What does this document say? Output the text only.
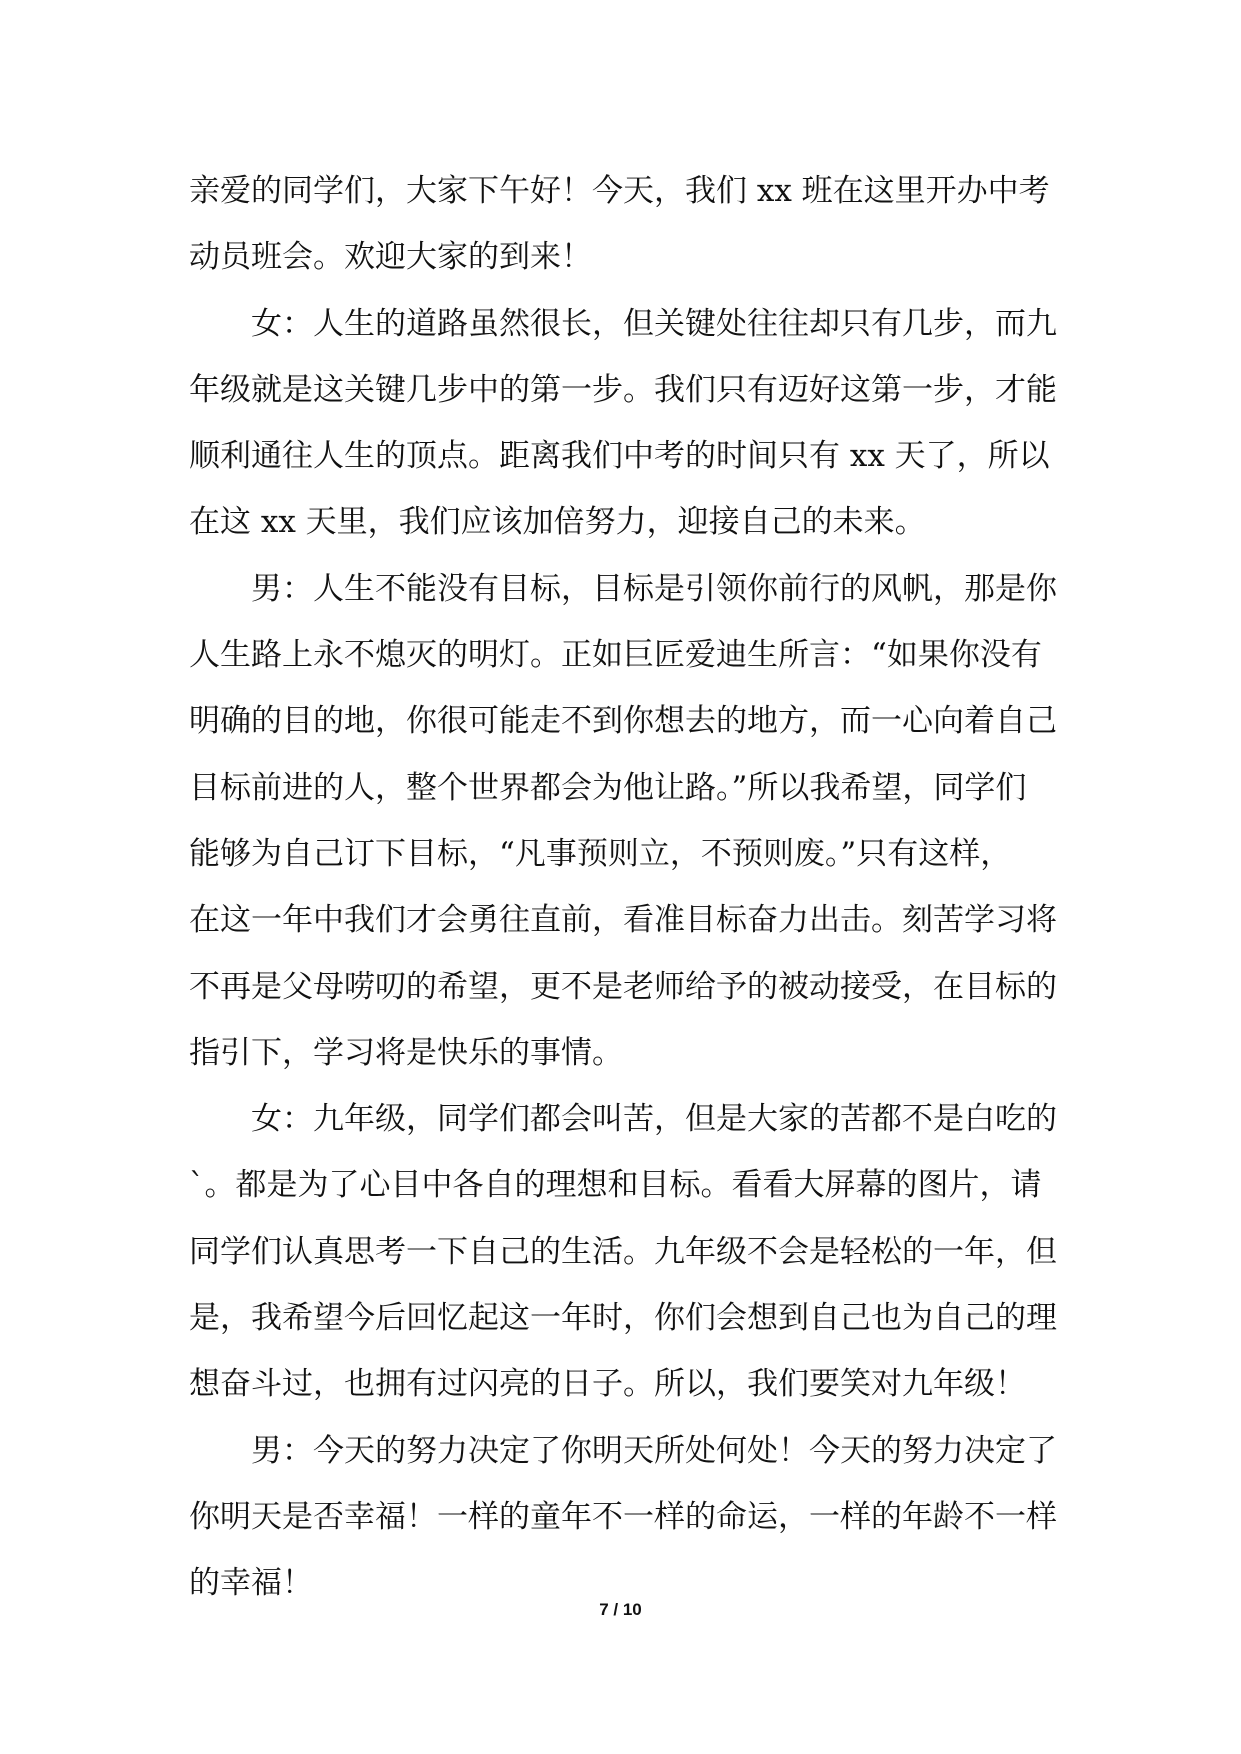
亲爱的同学们，大家下午好！今天，我们 xx 班在这里开办中考
动员班会。欢迎大家的到来！

女：人生的道路虽然很长，但关键处往往却只有几步，而九
年级就是这关键几步中的第一步。我们只有迈好这第一步，才能
顺利通往人生的顶点。距离我们中考的时间只有 xx 天了，所以
在这 xx 天里，我们应该加倍努力，迎接自己的未来。

男：人生不能没有目标，目标是引领你前行的风帆，那是你
人生路上永不熄灭的明灯。正如巨匠爱迪生所言：“如果你没有
明确的目的地，你很可能走不到你想去的地方，而一心向着自己
目标前进的人，整个世界都会为他让路。”所以我希望，同学们
能够为自己订下目标，“凡事预则立，不预则废。”只有这样，
在这一年中我们才会勇往直前，看准目标奋力出击。刻苦学习将
不再是父母唠叨的希望，更不是老师给予的被动接受，在目标的
指引下，学习将是快乐的事情。

女：九年级，同学们都会叫苦，但是大家的苦都不是白吃的
`。都是为了心目中各自的理想和目标。看看大屏幕的图片，请
同学们认真思考一下自己的生活。九年级不会是轻松的一年，但
是，我希望今后回忆起这一年时，你们会想到自己也为自己的理
想奋斗过，也拥有过闪亮的日子。所以，我们要笑对九年级！

男：今天的努力决定了你明天所处何处！今天的努力决定了
你明天是否幸福！一样的童年不一样的命运，一样的年龄不一样
的幸福！

7 / 10
